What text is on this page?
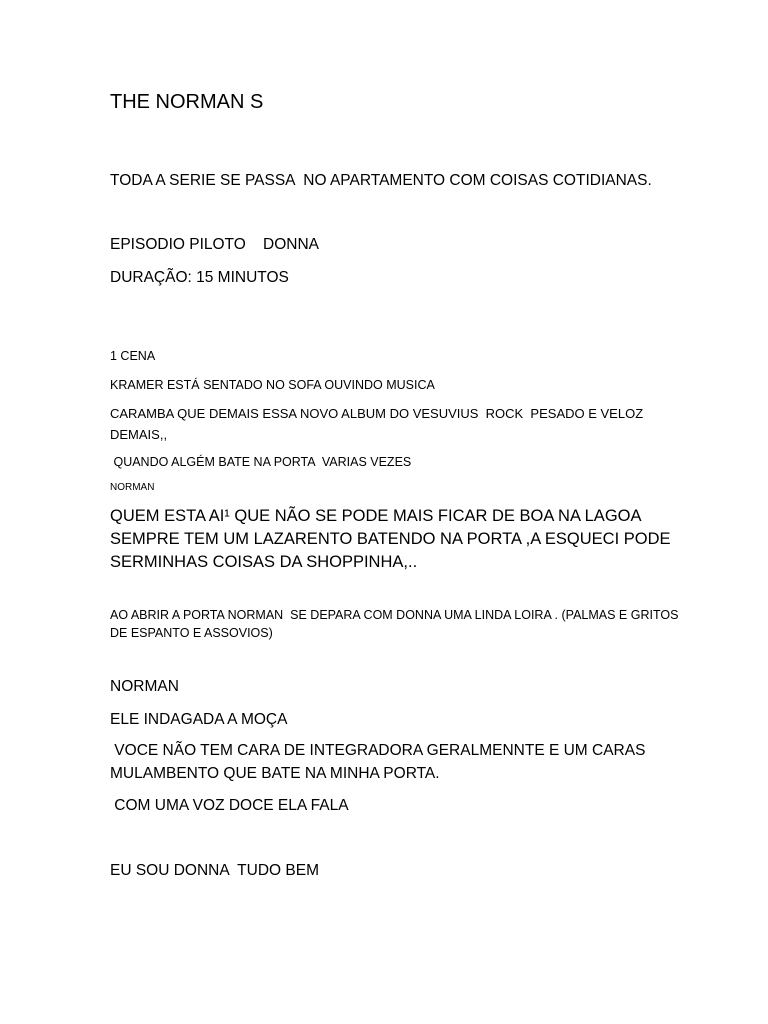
THE NORMAN S

TODA A SERIE SE PASSA  NO APARTAMENTO COM COISAS COTIDIANAS.

EPISODIO PILOTO    DONNA

DURAÇÃO: 15 MINUTOS

1 CENA

KRAMER ESTÁ SENTADO NO SOFA OUVINDO MUSICA

CARAMBA QUE DEMAIS ESSA NOVO ALBUM DO VESUVIUS  ROCK  PESADO E VELOZ DEMAIS,,

QUANDO ALGÉM BATE NA PORTA  VARIAS VEZES

NORMAN

QUEM ESTA AI¹ QUE NÃO SE PODE MAIS FICAR DE BOA NA LAGOA

SEMPRE TEM UM LAZARENTO BATENDO NA PORTA ,A ESQUECI PODE

SERMINHAS COISAS DA SHOPPINHA,..

AO ABRIR A PORTA NORMAN  SE DEPARA COM DONNA UMA LINDA LOIRA . (PALMAS E GRITOS DE ESPANTO E ASSOVIOS)

NORMAN

ELE INDAGADA A MOÇA

VOCE NÃO TEM CARA DE INTEGRADORA GERALMENNTE E UM CARAS

MULAMBENTO QUE BATE NA MINHA PORTA.

COM UMA VOZ DOCE ELA FALA

EU SOU DONNA  TUDO BEM
